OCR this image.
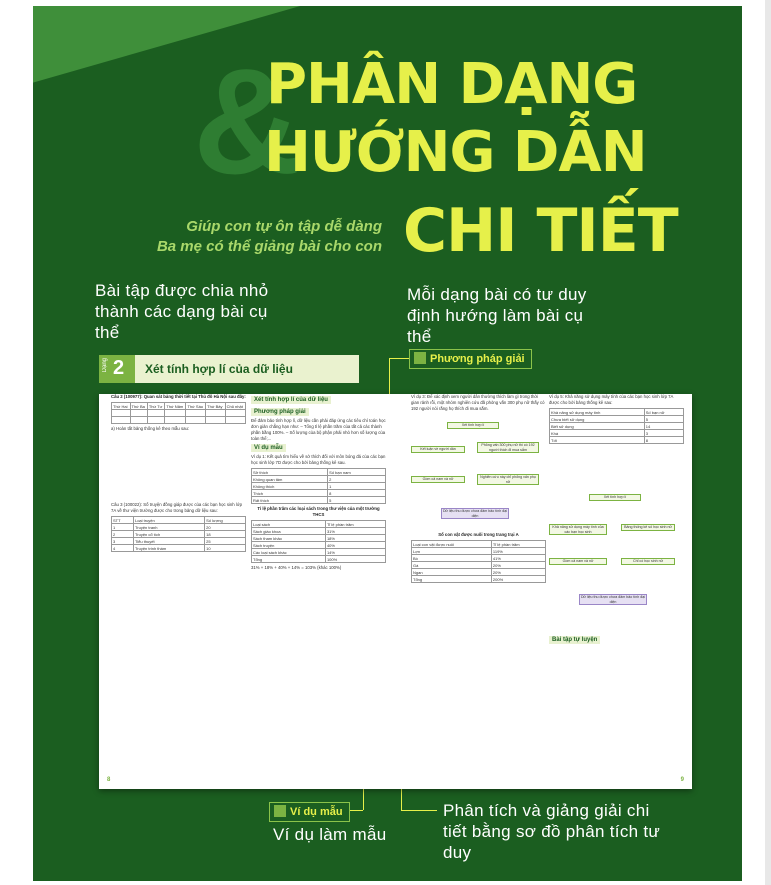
&
PHÂN DẠNG
HƯỚNG DẪN
CHI TIẾT
Giúp con tự ôn tập dễ dàng
Ba mẹ có thể giảng bài cho con
Bài tập được chia nhỏ thành các dạng bài cụ thể
Mỗi dạng bài có tư duy định hướng làm bài cụ thể
Dạng 2 Xét tính hợp lí của dữ liệu
Phương pháp giải
Câu 2 (100977): Quan sát bảng thời tiết tại Thủ đô Hà Nội sau đây:
Thứ Hai	Thứ Ba	Thứ Tư	Thứ Năm	Thứ Sáu	Thứ Bảy	Chủ nhật

a) Hoàn tất bảng thống kê theo mẫu sau:
Câu 3 (100022): Số truyện đồng giáp được của các bạn học sinh lớp 7A về thư viện trường được cho trong bảng dữ liệu sau:
STT	Loại truyện	Số lượng
1	Truyện tranh	20
2	Truyện cổ tích	18
3	Tiểu thuyết	25
4	Truyện trinh thám	10
Xét tính hợp lí của dữ liệu
Phương pháp giải
Để đảm bảo tính hợp lí, dữ liệu cần phải đáp ứng các tiêu chí toán học đơn giản chẳng hạn như: – Tổng tỉ lệ phần trăm của tất cả các thành phần bằng 100%. – Số lượng của bộ phận phải nhỏ hơn số lượng của toàn thể;...
Ví dụ mẫu
Ví dụ 1: Kết quả tìm hiểu về sở thích đối với môn bóng đá của các bạn học sinh lớp 7D được cho bởi bảng thống kê sau.
Sở thích	Số bạn nam
Không quan tâm	2
Không thích	1
Thích	8
Rất thích	5
Tỉ lệ phần trăm các loại sách trong thư viện của một trường THCS
Loại sách	Tỉ lệ phần trăm
Sách giáo khoa	31%
Sách tham khảo	18%
Sách truyện	40%
Các loại sách khác	14%
Tổng	100%
31% + 18% + 40% + 14% = 103% (khác 100%)
Ví dụ 3: Để xác định xem người dân thường thích làm gì trong thời gian rảnh rỗi, một nhóm nghiên cứu đã phỏng vấn 300 phụ nữ thấy có 192 người nói rằng họ thích đi mua sắm.
Xét tính hợp lí
Kết luận về người dân
Phỏng vấn 300 phụ nữ thì có 192 người thích đi mua sắm
Gồm cả nam và nữ	Nghiên cứu này chỉ phỏng vấn phụ nữ
Dữ liệu thu được chưa đảm bảo tính đại diện
Số con vật được nuôi trong trang trại A
Loại con vật được nuôi	Tỉ lệ phần trăm
Lợn	119%
Bò	41%
Gà	20%
Ngan	20%
Tổng	200%
Ví dụ 5: Khả năng sử dụng máy tính của các bạn học sinh lớp 7A được cho bởi bảng thống kê sau:
Khả năng sử dụng máy tính	Số bạn nữ
Chưa biết sử dụng	5
Biết sử dụng	14
Khá	3
Tốt	8
Xét tính hợp lí
Khả năng sử dụng máy tính của các bạn học sinh
Bảng thống kê số học sinh nữ
Gồm cả nam và nữ	Chỉ có học sinh nữ
Dữ liệu thu được chưa đảm bảo tính đại diện
Bài tập tự luyện
8	9
Ví dụ mẫu
Ví dụ làm mẫu
Phân tích và giảng giải chi tiết bằng sơ đồ phân tích tư duy
